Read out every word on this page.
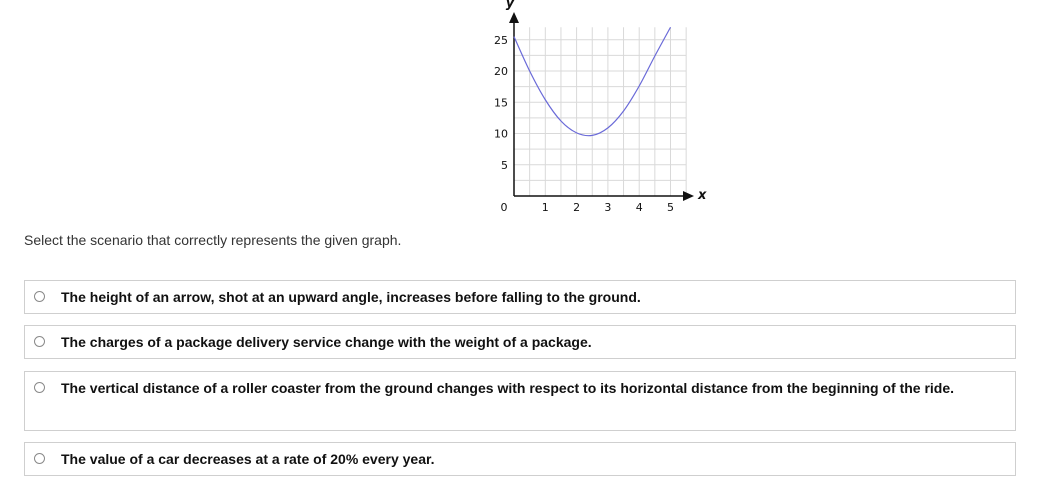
y
x
0	1 2 3 4 5
5
10
15
20
25
Select the scenario that correctly represents the given graph.
The height of an arrow, shot at an upward angle, increases before falling to the ground.
The charges of a package delivery service change with the weight of a package.
The vertical distance of a roller coaster from the ground changes with respect to its horizontal distance from the beginning of the ride.
The value of a car decreases at a rate of 20% every year.
